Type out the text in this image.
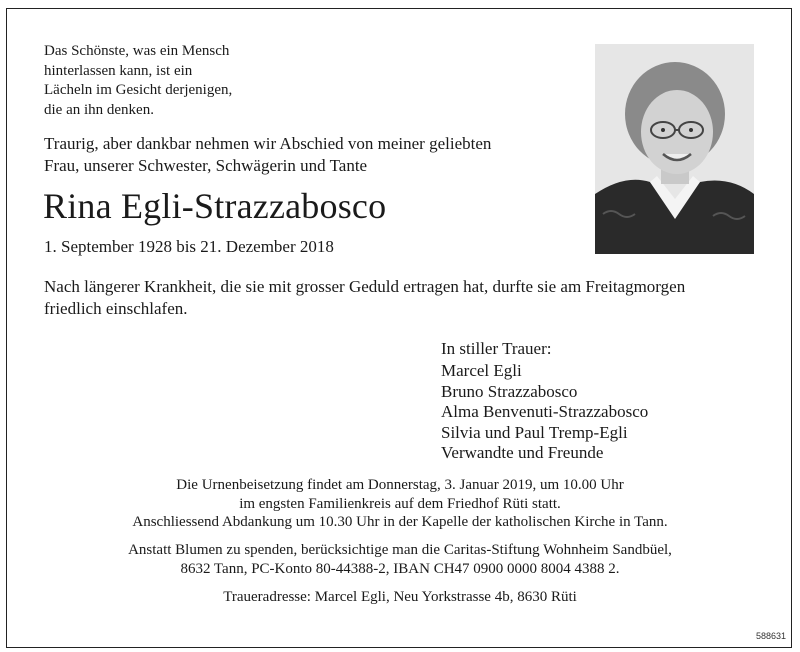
Das Schönste, was ein Mensch
hinterlassen kann, ist ein
Lächeln im Gesicht derjenigen,
die an ihn denken.
Traurig, aber dankbar nehmen wir Abschied von meiner geliebten
Frau, unserer Schwester, Schwägerin und Tante
Rina Egli-Strazzabosco
1. September 1928 bis 21. Dezember 2018
Nach längerer Krankheit, die sie mit grosser Geduld ertragen hat, durfte sie am Freitagmorgen
friedlich einschlafen.
In stiller Trauer:
Marcel Egli
Bruno Strazzabosco
Alma Benvenuti-Strazzabosco
Silvia und Paul Tremp-Egli
Verwandte und Freunde
Die Urnenbeisetzung findet am Donnerstag, 3. Januar 2019, um 10.00 Uhr
im engsten Familienkreis auf dem Friedhof Rüti statt.
Anschliessend Abdankung um 10.30 Uhr in der Kapelle der katholischen Kirche in Tann.
Anstatt Blumen zu spenden, berücksichtige man die Caritas-Stiftung Wohnheim Sandbüel,
8632 Tann, PC-Konto 80-44388-2, IBAN CH47 0900 0000 8004 4388 2.
Traueradresse: Marcel Egli, Neu Yorkstrasse 4b, 8630 Rüti
588631
